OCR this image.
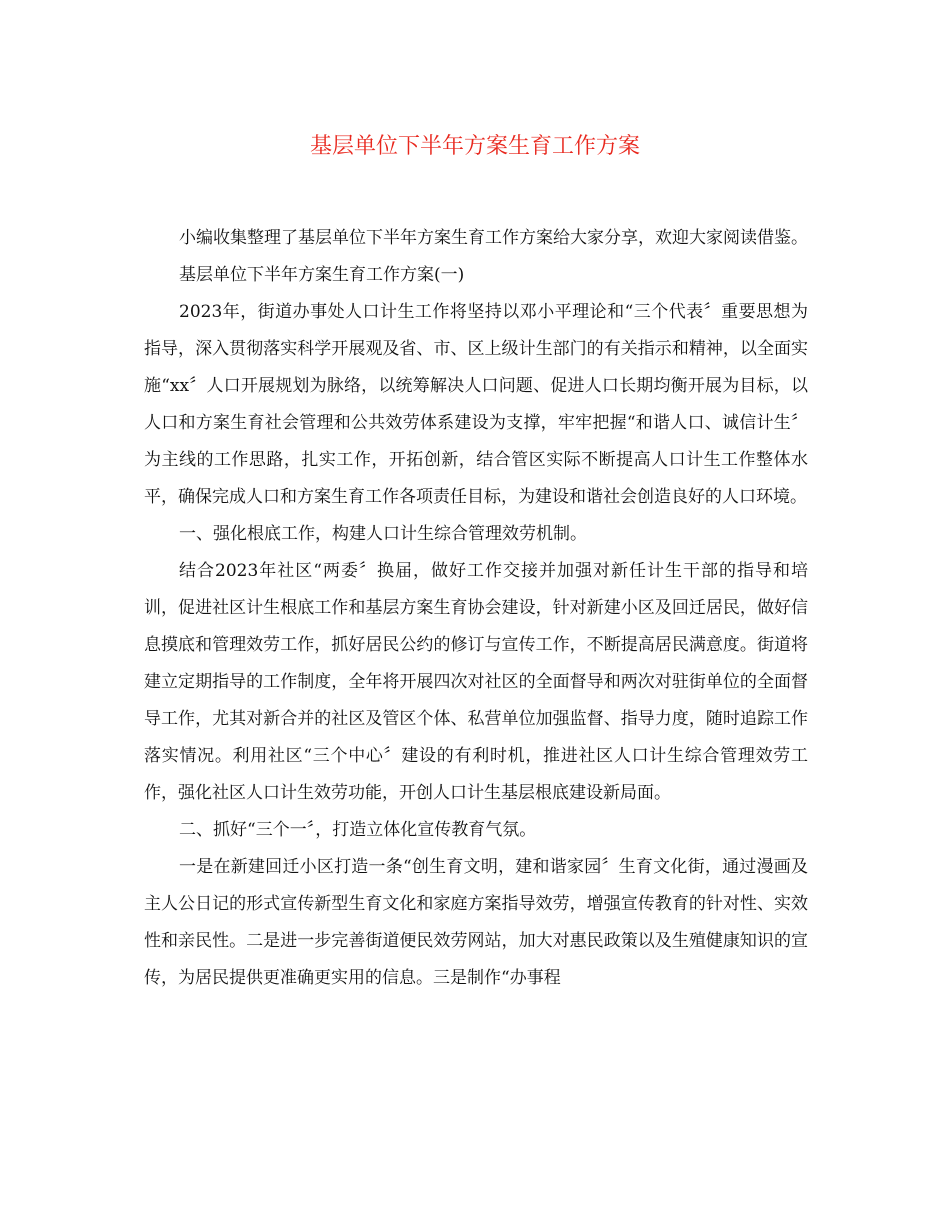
基层单位下半年方案生育工作方案

小编收集整理了基层单位下半年方案生育工作方案给大家分享，欢迎大家阅读借鉴。

基层单位下半年方案生育工作方案(一)

2023年，街道办事处人口计生工作将坚持以邓小平理论和“三个代表〞重要思想为指导，深入贯彻落实科学开展观及省、市、区上级计生部门的有关指示和精神，以全面实施“xx〞人口开展规划为脉络，以统筹解决人口问题、促进人口长期均衡开展为目标，以人口和方案生育社会管理和公共效劳体系建设为支撑，牢牢把握“和谐人口、诚信计生〞为主线的工作思路，扎实工作，开拓创新，结合管区实际不断提高人口计生工作整体水平，确保完成人口和方案生育工作各项责任目标，为建设和谐社会创造良好的人口环境。

一、强化根底工作，构建人口计生综合管理效劳机制。

结合2023年社区“两委〞换届，做好工作交接并加强对新任计生干部的指导和培训，促进社区计生根底工作和基层方案生育协会建设，针对新建小区及回迁居民，做好信息摸底和管理效劳工作，抓好居民公约的修订与宣传工作，不断提高居民满意度。街道将建立定期指导的工作制度，全年将开展四次对社区的全面督导和两次对驻街单位的全面督导工作，尤其对新合并的社区及管区个体、私营单位加强监督、指导力度，随时追踪工作落实情况。利用社区“三个中心〞建设的有利时机，推进社区人口计生综合管理效劳工作，强化社区人口计生效劳功能，开创人口计生基层根底建设新局面。

二、抓好“三个一〞，打造立体化宣传教育气氛。

一是在新建回迁小区打造一条“创生育文明，建和谐家园〞生育文化街，通过漫画及主人公日记的形式宣传新型生育文化和家庭方案指导效劳，增强宣传教育的针对性、实效性和亲民性。二是进一步完善街道便民效劳网站，加大对惠民政策以及生殖健康知识的宣传，为居民提供更准确更实用的信息。三是制作“办事程
